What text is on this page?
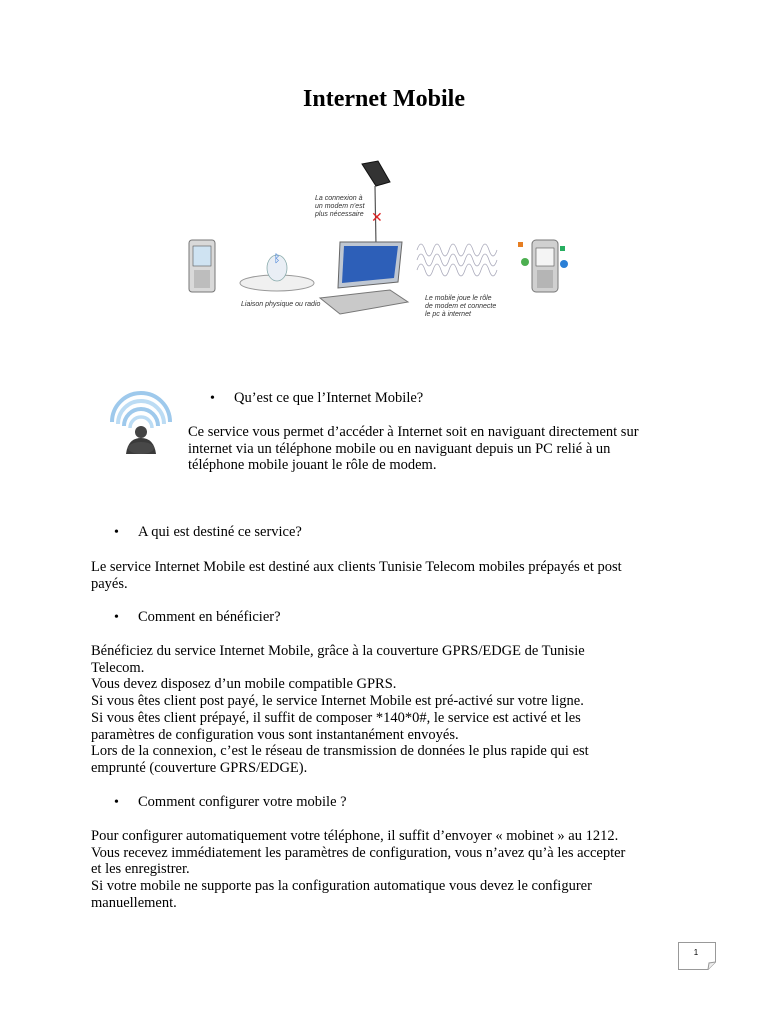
Internet Mobile
ᛒ
Liaison physique ou radio
✕
La connexion à un modem n'est plus nécessaire
Le mobile joue le rôle de modem et connecte le pc à internet
• Qu’est ce que l’Internet Mobile?

Ce service vous permet d’accéder à Internet soit en naviguant directement sur
internet via un téléphone mobile ou en naviguant depuis un PC relié à un
téléphone mobile jouant le rôle de modem.

• A qui est destiné ce service?

Le service Internet Mobile est destiné aux clients Tunisie Telecom mobiles prépayés et post
payés.

• Comment en bénéficier?

Bénéficiez du service Internet Mobile, grâce à la couverture GPRS/EDGE de Tunisie
Telecom.
Vous devez disposez d’un mobile compatible GPRS.
Si vous êtes client post payé, le service Internet Mobile est pré-activé sur votre ligne.
Si vous êtes client prépayé, il suffit de composer *140*0#, le service est activé et les
paramètres de configuration vous sont instantanément envoyés.
Lors de la connexion, c’est le réseau de transmission de données le plus rapide qui est
emprunté (couverture GPRS/EDGE).

• Comment configurer votre mobile ?

Pour configurer automatiquement votre téléphone, il suffit d’envoyer « mobinet » au 1212.
Vous recevez immédiatement les paramètres de configuration, vous n’avez qu’à les accepter
et les enregistrer.
Si votre mobile ne supporte pas la configuration automatique vous devez le configurer
manuellement.

1
